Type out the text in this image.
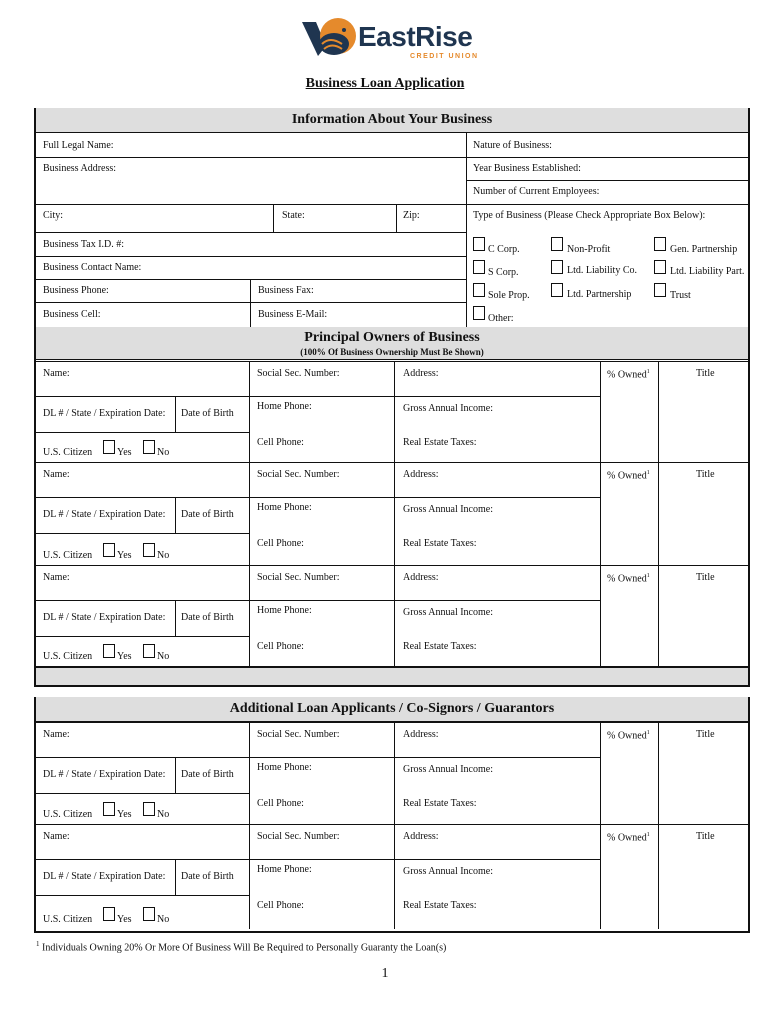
EastRise
CREDIT UNION
Business Loan Application
Information About Your Business
Full Legal Name:	Nature of Business:
Business Address:	Year Business Established:
Number of Current Employees:
City:	State:	Zip:	Type of Business (Please Check Appropriate Box Below):
Business Tax I.D. #:
Business Contact Name:
Business Phone:	Business Fax:
Business Cell:	Business E-Mail:
C Corp.	Non-Profit	Gen. Partnership
S Corp.	Ltd. Liability Co.	Ltd. Liability Part.
Sole Prop.	Ltd. Partnership	Trust
Other:
Principal Owners of Business
(100% Of Business Ownership Must Be Shown)
Additional Loan Applicants / Co-Signors / Guarantors
Name:	Social Sec. Number:	Address:	% Owned$^1$	Title
DL # / State / Expiration Date: Date of Birth
Home Phone:	Gross Annual Income:
Cell Phone:	Real Estate Taxes:
U.S. Citizen Yes	No
Name:	Social Sec. Number:	Address:	% Owned$^1$	Title
DL # / State / Expiration Date: Date of Birth
Home Phone:	Gross Annual Income:
Cell Phone:	Real Estate Taxes:
U.S. Citizen Yes	No
Name:	Social Sec. Number:	Address:	% Owned$^1$	Title
DL # / State / Expiration Date: Date of Birth
Home Phone:	Gross Annual Income:
Cell Phone:	Real Estate Taxes:
U.S. Citizen Yes	No
Name:	Social Sec. Number:	Address:	% Owned$^1$	Title
DL # / State / Expiration Date: Date of Birth
Home Phone:	Gross Annual Income:
Cell Phone:	Real Estate Taxes:
U.S. Citizen Yes	No
Name:	Social Sec. Number:	Address:	% Owned$^1$	Title
DL # / State / Expiration Date: Date of Birth
Home Phone:	Gross Annual Income:
Cell Phone:	Real Estate Taxes:
U.S. Citizen Yes	No
$^1$ Individuals Owning 20% Or More Of Business Will Be Required to Personally Guaranty the Loan(s)
1
